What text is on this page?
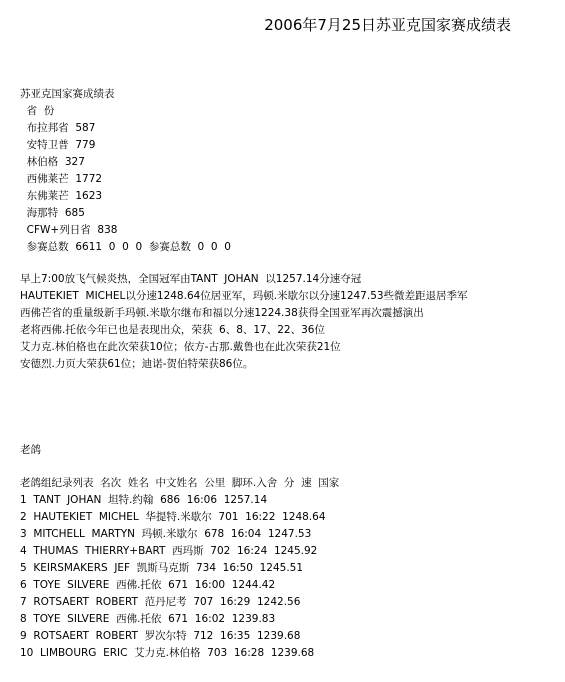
2006年7月25日苏亚克国家赛成绩表
苏亚克国家赛成绩表
省  份
布拉邦省  587
安特卫普  779
林伯格  327
西佛莱芒  1772
东佛莱芒  1623
海那特  685
CFW+列日省  838
参赛总数  6611  0  0  0  参赛总数  0  0  0
早上7:00放飞气候炎热，全国冠军由TANT  JOHAN  以1257.14分速夺冠
HAUTEKIET  MICHEL以分速1248.64位居亚军，玛顿.米歇尔以分速1247.53些微差距退居季军
西佛芒省的重量级新手玛顿.米歇尔继布和福以分速1224.38获得全国亚军再次震撼演出
老将西佛.托依今年已也是表现出众，荣获  6、8、17、22、36位
艾力克.林伯格也在此次荣获10位；依方-古那.戴鲁也在此次荣获21位
安德烈.力页大荣获61位；迪诺-贺伯特荣获86位。
老鸽
老鸽组纪录列表  名次  姓名  中文姓名  公里  脚环.入舍  分  速  国家
1  TANT  JOHAN  坦特.约翰  686  16:06  1257.14
2  HAUTEKIET  MICHEL  华提特.米歇尔  701  16:22  1248.64
3  MITCHELL  MARTYN  玛顿.米歇尔  678  16:04  1247.53
4  THUMAS  THIERRY+BART  西玛斯  702  16:24  1245.92
5  KEIRSMAKERS  JEF  凯斯马克斯  734  16:50  1245.51
6  TOYE  SILVERE  西佛.托依  671  16:00  1244.42
7  ROTSAERT  ROBERT  范丹尼考  707  16:29  1242.56
8  TOYE  SILVERE  西佛.托依  671  16:02  1239.83
9  ROTSAERT  ROBERT  罗次尔特  712  16:35  1239.68
10  LIMBOURG  ERIC  艾力克.林伯格  703  16:28  1239.68
